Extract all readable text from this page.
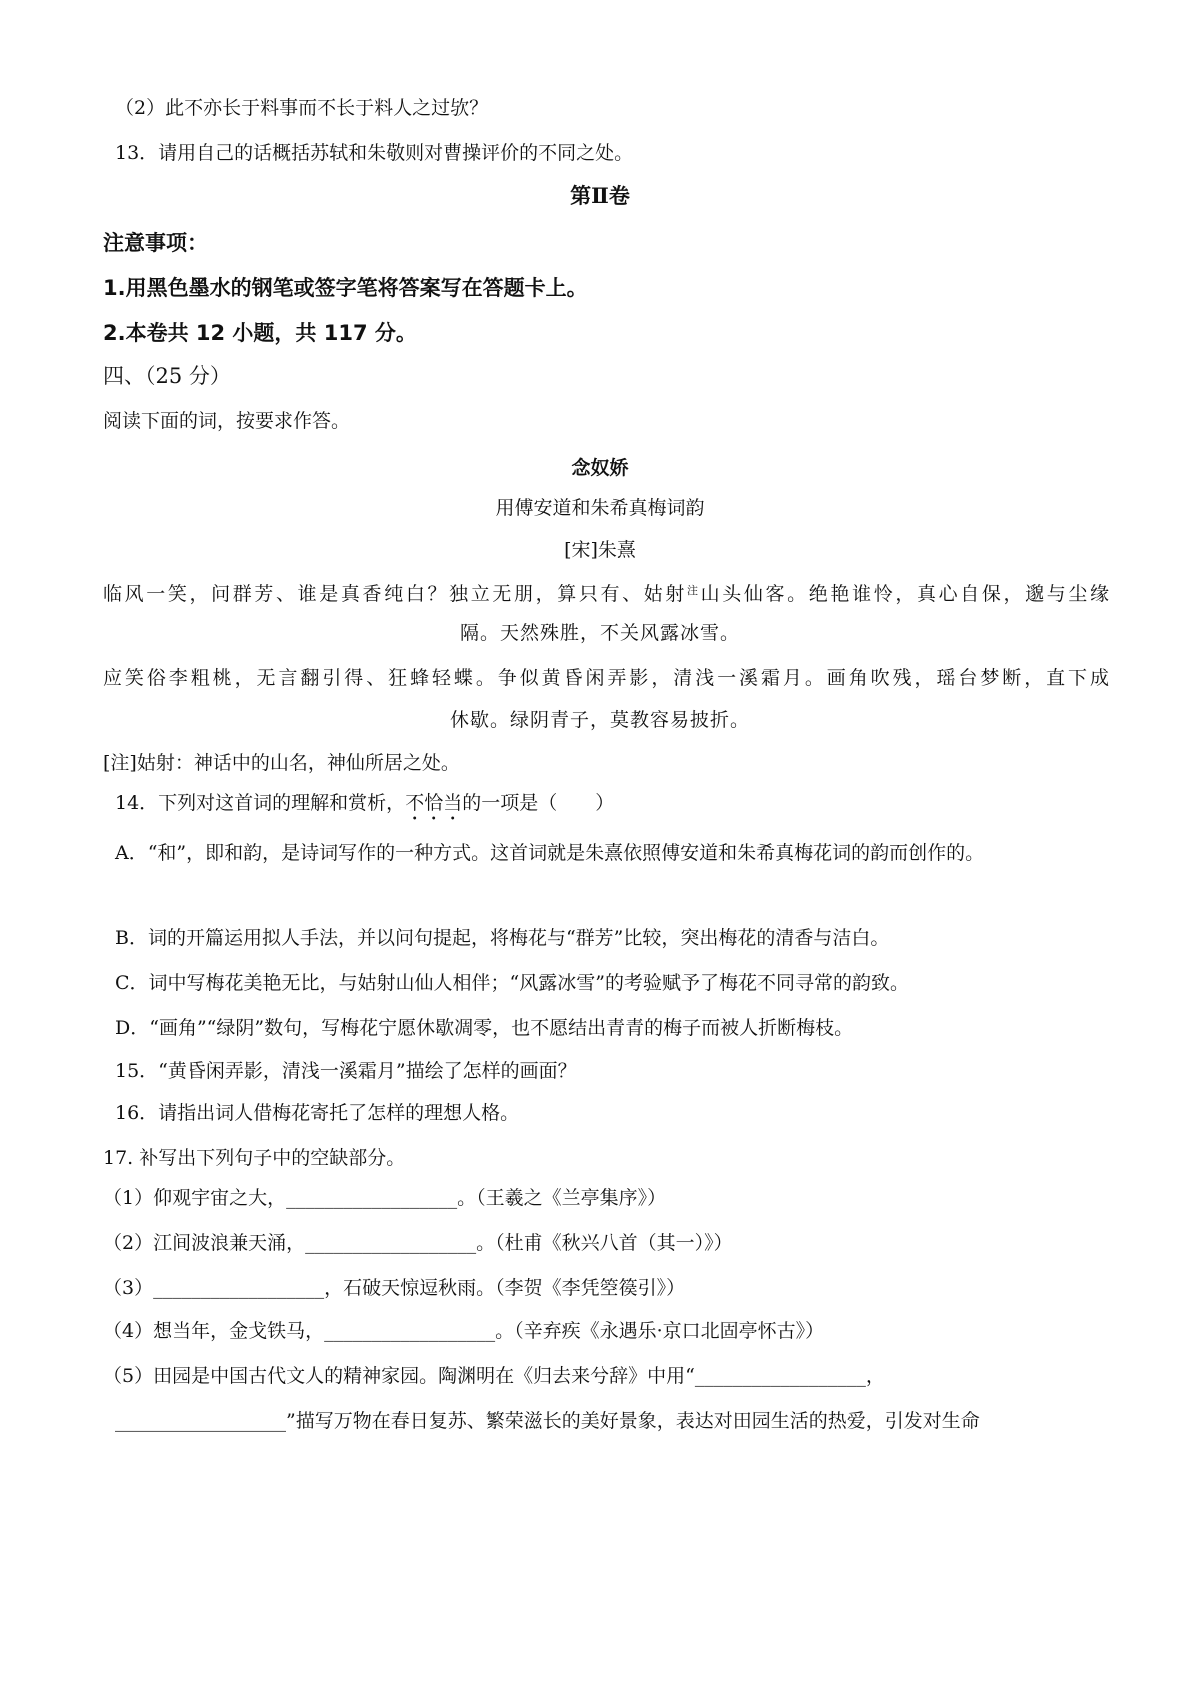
（2）此不亦长于料事而不长于料人之过欤？
13．请用自己的话概括苏轼和朱敬则对曹操评价的不同之处。
第Ⅱ卷
注意事项：
1.用黑色墨水的钢笔或签字笔将答案写在答题卡上。
2.本卷共 12 小题，共 117 分。
四、（25 分）
阅读下面的词，按要求作答。
念奴娇
用傅安道和朱希真梅词韵
[宋]朱熹
临风一笑，问群芳、谁是真香纯白？独立无朋，算只有、姑射$^注$山头仙客。绝艳谁怜，真心自保，邈与尘缘
隔。天然殊胜，不关风露冰雪。
应笑俗李粗桃，无言翻引得、狂蜂轻蝶。争似黄昏闲弄影，清浅一溪霜月。画角吹残，瑶台梦断，直下成
休歇。绿阴青子，莫教容易披折。
[注]姑射：神话中的山名，神仙所居之处。
14．下列对这首词的理解和赏析，不恰当的一项是（　　）
A．“和”，即和韵，是诗词写作的一种方式。这首词就是朱熹依照傅安道和朱希真梅花词的韵而创作的。
B．词的开篇运用拟人手法，并以问句提起，将梅花与“群芳”比较，突出梅花的清香与洁白。
C．词中写梅花美艳无比，与姑射山仙人相伴；“风露冰雪”的考验赋予了梅花不同寻常的韵致。
D．“画角”“绿阴”数句，写梅花宁愿休歇凋零，也不愿结出青青的梅子而被人折断梅枝。
15．“黄昏闲弄影，清浅一溪霜月”描绘了怎样的画面？
16．请指出词人借梅花寄托了怎样的理想人格。
17. 补写出下列句子中的空缺部分。
（1）仰观宇宙之大，__________________。（王羲之《兰亭集序》）
（2）江间波浪兼天涌，__________________。（杜甫《秋兴八首（其一）》）
（3）__________________，石破天惊逗秋雨。（李贺《李凭箜篌引》）
（4）想当年，金戈铁马，__________________。（辛弃疾《永遇乐·京口北固亭怀古》）
（5）田园是中国古代文人的精神家园。陶渊明在《归去来兮辞》中用“__________________，
__________________”描写万物在春日复苏、繁荣滋长的美好景象，表达对田园生活的热爱，引发对生命
